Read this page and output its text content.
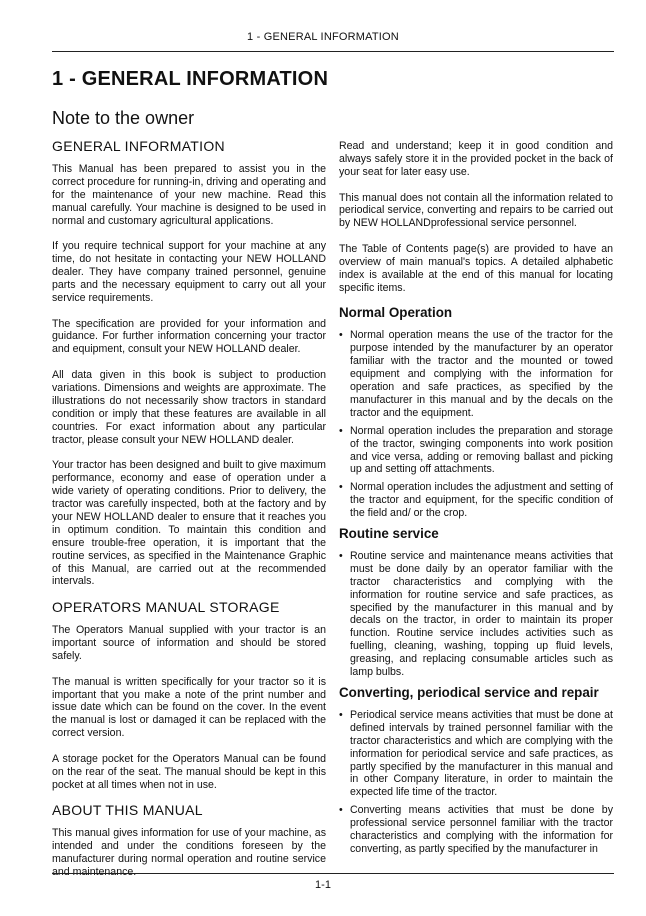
1 - GENERAL INFORMATION
1 - GENERAL INFORMATION
Note to the owner
GENERAL INFORMATION

This Manual has been prepared to assist you in the correct procedure for running-in, driving and operating and for the maintenance of your new machine. Read this manual carefully. Your machine is designed to be used in normal and customary agricultural applications.

If you require technical support for your machine at any time, do not hesitate in contacting your NEW HOLLAND dealer. They have company trained personnel, genuine parts and the necessary equipment to carry out all your service requirements.

The specification are provided for your information and guidance. For further information concerning your tractor and equipment, consult your NEW HOLLAND dealer.

All data given in this book is subject to production variations. Dimensions and weights are approximate. The illustrations do not necessarily show tractors in standard condition or imply that these features are available in all countries. For exact information about any particular tractor, please consult your NEW HOLLAND dealer.

Your tractor has been designed and built to give maximum performance, economy and ease of operation under a wide variety of operating conditions. Prior to delivery, the tractor was carefully inspected, both at the factory and by your NEW HOLLAND dealer to ensure that it reaches you in optimum condition. To maintain this condition and ensure trouble-free operation, it is important that the routine services, as specified in the Maintenance Graphic of this Manual, are carried out at the recommended intervals.

OPERATORS MANUAL STORAGE

The Operators Manual supplied with your tractor is an important source of information and should be stored safely.

The manual is written specifically for your tractor so it is important that you make a note of the print number and issue date which can be found on the cover. In the event the manual is lost or damaged it can be replaced with the correct version.

A storage pocket for the Operators Manual can be found on the rear of the seat. The manual should be kept in this pocket at all times when not in use.

ABOUT THIS MANUAL

This manual gives information for use of your machine, as intended and under the conditions foreseen by the manufacturer during normal operation and routine service and maintenance.

Read and understand; keep it in good condition and always safely store it in the provided pocket in the back of your seat for later easy use.

This manual does not contain all the information related to periodical service, converting and repairs to be carried out by NEW HOLLANDprofessional service personnel.

The Table of Contents page(s) are provided to have an overview of main manual's topics. A detailed alphabetic index is available at the end of this manual for locating specific items.

Normal Operation
• Normal operation means the use of the tractor for the purpose intended by the manufacturer by an operator familiar with the tractor and the mounted or towed equipment and complying with the information for operation and safe practices, as specified by the manufacturer in this manual and by the decals on the tractor and the equipment.
• Normal operation includes the preparation and storage of the tractor, swinging components into work position and vice versa, adding or removing ballast and picking up and setting off attachments.
• Normal operation includes the adjustment and setting of the tractor and equipment, for the specific condition of the field and/ or the crop.
Routine service
• Routine service and maintenance means activities that must be done daily by an operator familiar with the tractor characteristics and complying with the information for routine service and safe practices, as specified by the manufacturer in this manual and by decals on the tractor, in order to maintain its proper function. Routine service includes activities such as fuelling, cleaning, washing, topping up fluid levels, greasing, and replacing consumable articles such as lamp bulbs.
Converting, periodical service and repair
• Periodical service means activities that must be done at defined intervals by trained personnel familiar with the tractor characteristics and which are complying with the information for periodical service and safe practices, as partly specified by the manufacturer in this manual and in other Company literature, in order to maintain the expected life time of the tractor.
• Converting means activities that must be done by professional service personnel familiar with the tractor characteristics and complying with the information for converting, as partly specified by the manufacturer in
1-1
